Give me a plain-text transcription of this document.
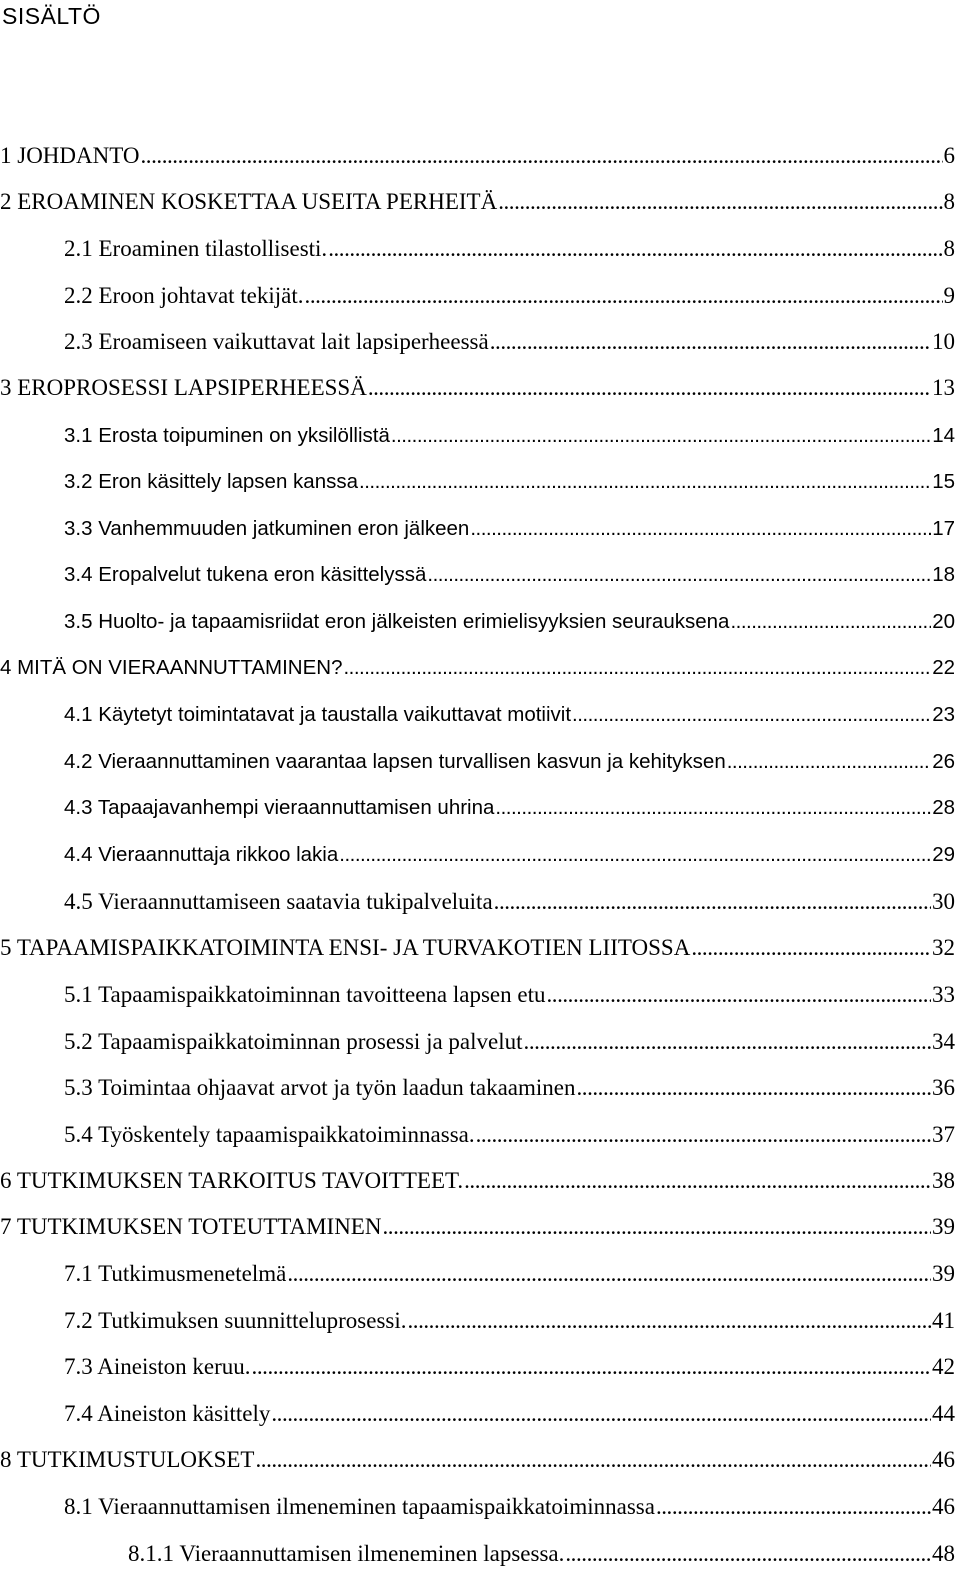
SISÄLTÖ
1 JOHDANTO . . .	6
2 EROAMINEN KOSKETTAA USEITA PERHEITÄ . . .	8
2.1 Eroaminen tilastollisesti. . . .	8
2.2 Eroon johtavat tekijät. . . .	9
2.3 Eroamiseen vaikuttavat lait lapsiperheessä . . .	10
3 EROPROSESSI LAPSIPERHEESSÄ . . .	13
3.1 Erosta toipuminen on yksilöllistä . . .	14
3.2 Eron käsittely lapsen kanssa . . .	15
3.3 Vanhemmuuden jatkuminen eron jälkeen . . .	17
3.4 Eropalvelut tukena eron käsittelyssä . . .	18
3.5 Huolto- ja tapaamisriidat eron jälkeisten erimielisyyksien seurauksena . . .	20
4 MITÄ ON VIERAANNUTTAMINEN? . . .	22
4.1 Käytetyt toimintatavat ja taustalla vaikuttavat motiivit . . .	23
4.2 Vieraannuttaminen vaarantaa lapsen turvallisen kasvun ja kehityksen . . .	26
4.3 Tapaajavanhempi vieraannuttamisen uhrina . . .	28
4.4 Vieraannuttaja rikkoo lakia . . .	29
4.5 Vieraannuttamiseen saatavia tukipalveluita . . .	30
5 TAPAAMISPAIKKATOIMINTA ENSI- JA TURVAKOTIEN LIITOSSA . . .	32
5.1 Tapaamispaikkatoiminnan tavoitteena lapsen etu . . .	33
5.2 Tapaamispaikkatoiminnan prosessi ja palvelut . . .	34
5.3 Toimintaa ohjaavat arvot ja työn laadun takaaminen . . .	36
5.4 Työskentely tapaamispaikkatoiminnassa. . . .	37
6 TUTKIMUKSEN TARKOITUS TAVOITTEET. . . .	38
7 TUTKIMUKSEN TOTEUTTAMINEN . . .	39
7.1 Tutkimusmenetelmä . . .	39
7.2 Tutkimuksen suunnitteluprosessi. . . .	41
7.3 Aineiston keruu. . . .	42
7.4 Aineiston käsittely . . .	44
8 TUTKIMUSTULOKSET . . .	46
8.1 Vieraannuttamisen ilmeneminen tapaamispaikkatoiminnassa . . .	46
8.1.1 Vieraannuttamisen ilmeneminen lapsessa. . . .	48
